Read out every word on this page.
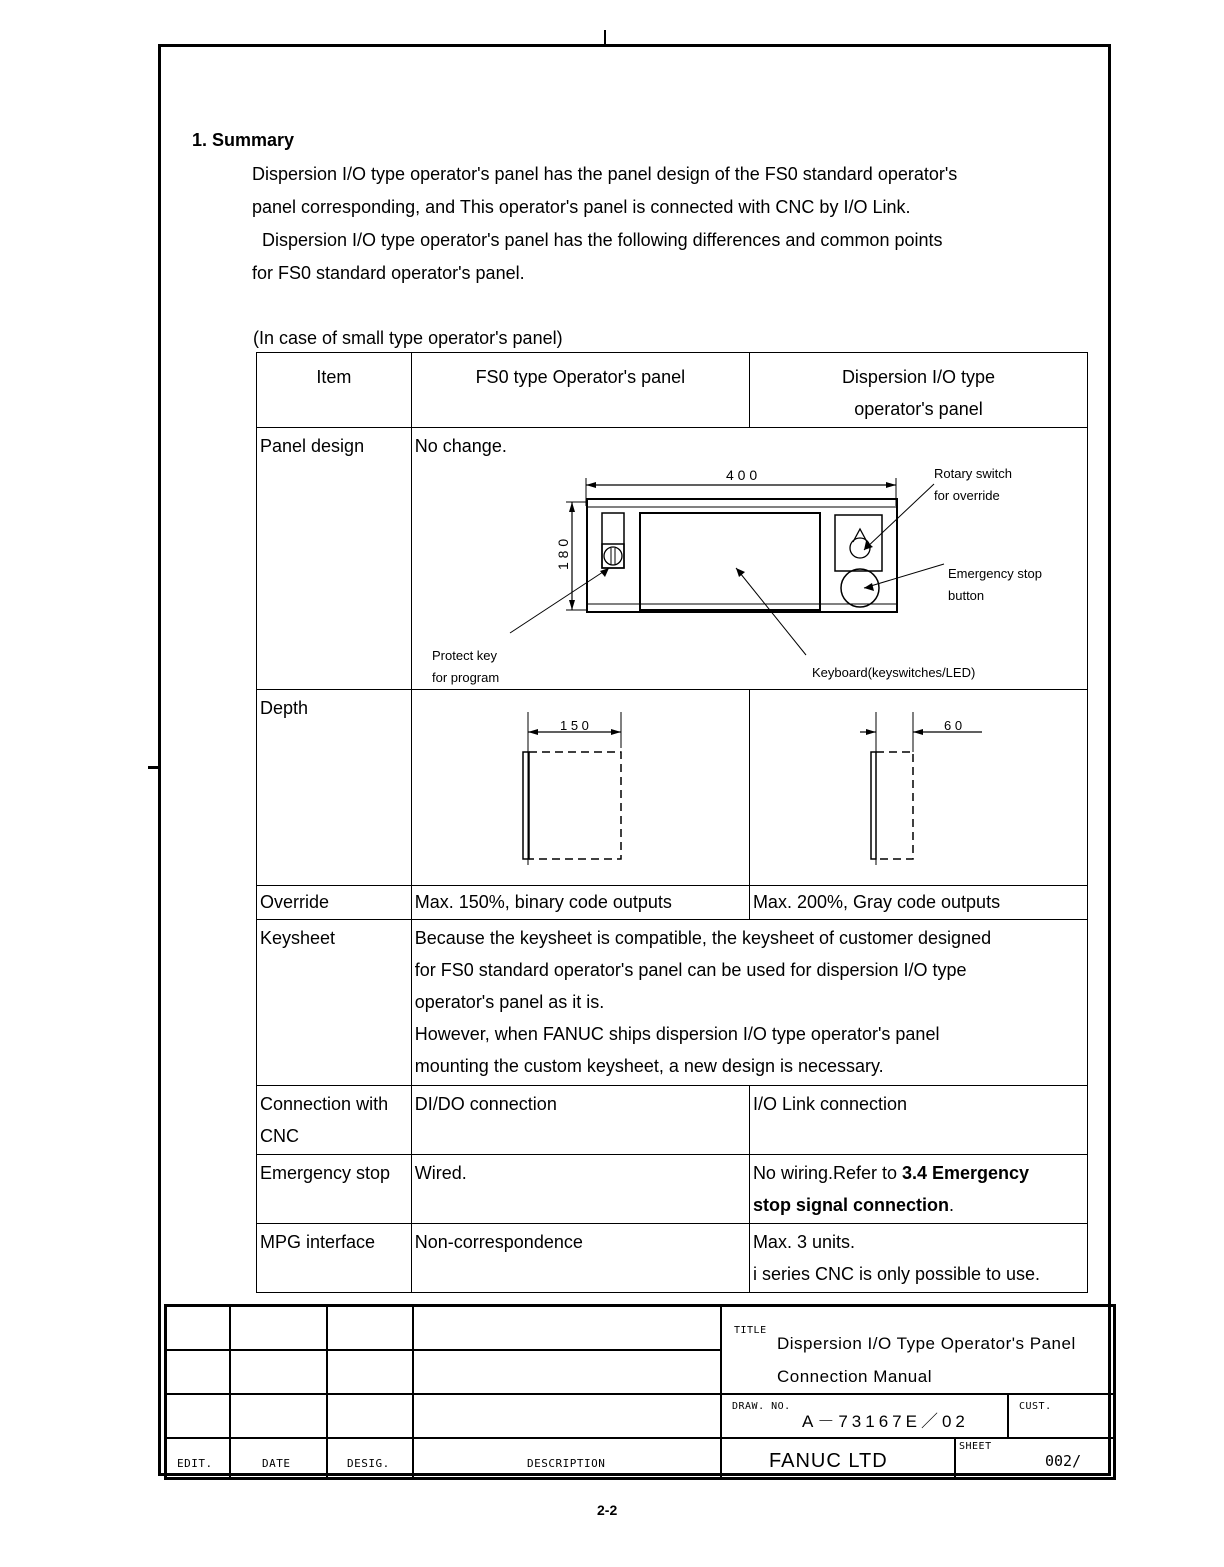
1. Summary
Dispersion I/O type operator's panel has the panel design of the FS0 standard operator's
panel corresponding, and This operator's panel is connected with CNC by I/O Link.
Dispersion I/O type operator's panel has the following differences and common points
for FS0 standard operator's panel.
(In case of small type operator's panel)
Item	FS0 type Operator's panel	Dispersion I/O type
operator's panel

Panel design	No change.
4 0 0
1 8 0
Rotary switch
for override
Emergency stop
button
Protect key
for program	Keyboard(keyswitches/LED)

Depth	1 5 0	6 0

Override	Max. 150%, binary code outputs	Max. 200%, Gray code outputs
Keysheet	Because the keysheet is compatible, the keysheet of customer designed
for FS0 standard operator's panel can be used for dispersion I/O type
operator's panel as it is.
However, when FANUC ships dispersion I/O type operator's panel
mounting the custom keysheet, a new design is necessary.	

Connection with
CNC	DI/DO connection	I/O Link connection
Emergency stop	Wired.	No wiring.Refer to 3.4 Emergency
stop signal connection.
MPG interface	Non-correspondence	Max. 3 units.
i series CNC is only possible to use.
EDIT.	DATE	DESIG.	DESCRIPTION
TITLE
Dispersion I/O Type Operator's Panel
Connection Manual
DRAW. NO.
A－73167E／02
CUST.
FANUC LTD
SHEET
002/
2-2
